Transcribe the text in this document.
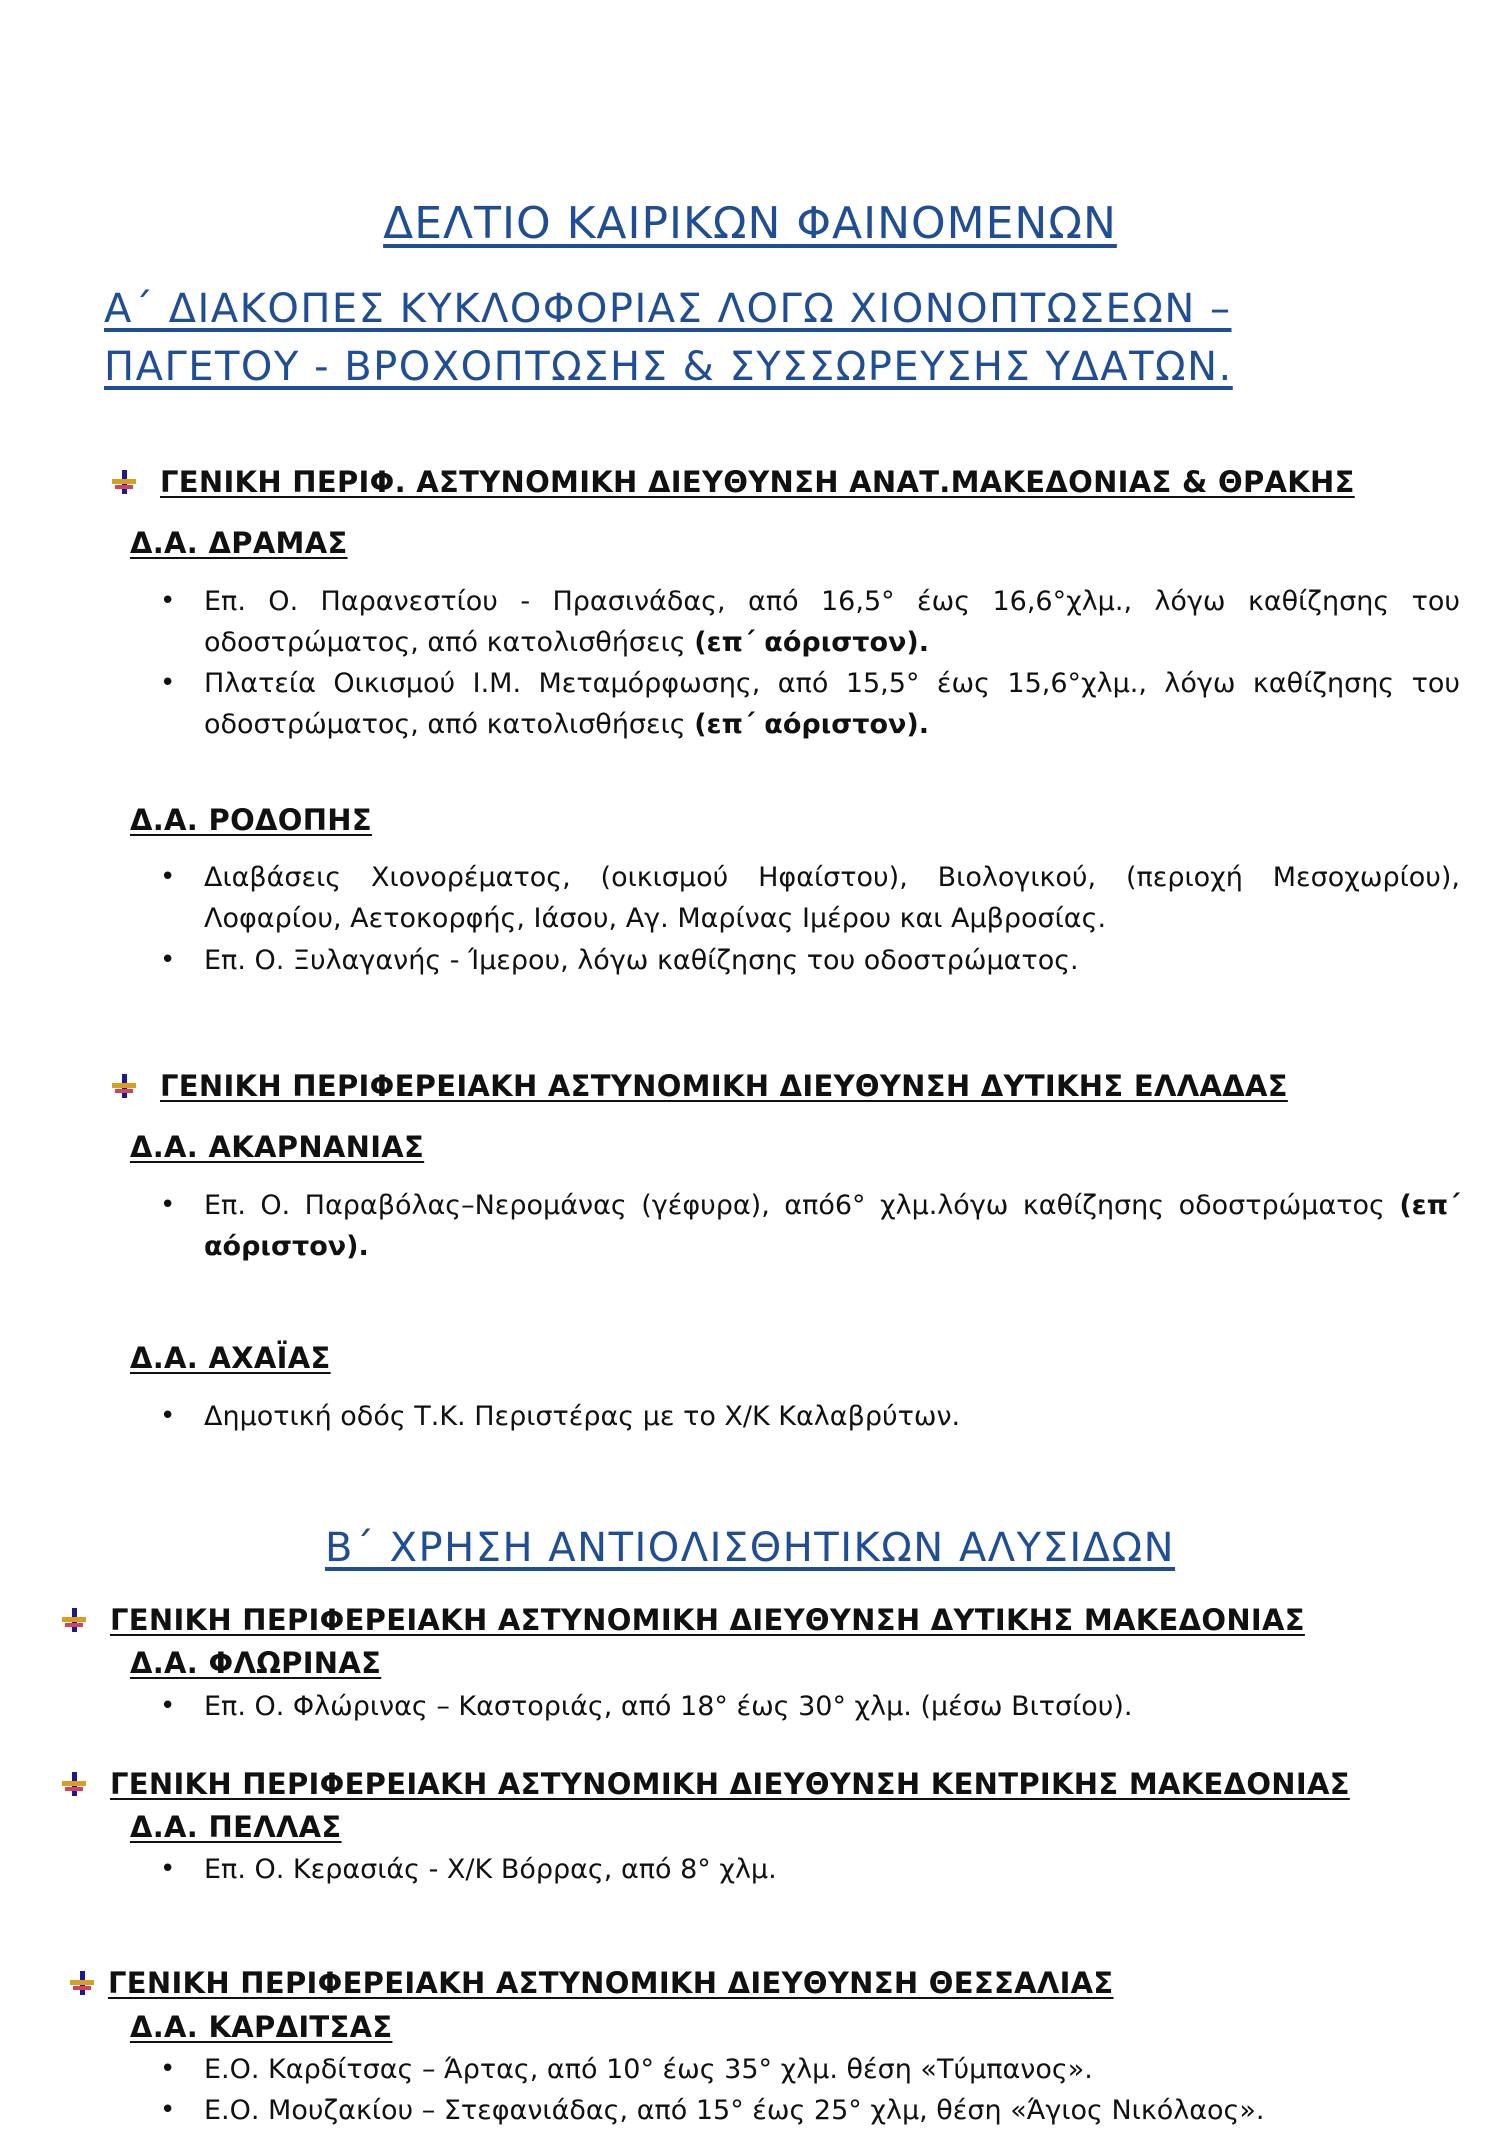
ΔΕΛΤΙΟ ΚΑΙΡΙΚΩΝ ΦΑΙΝΟΜΕΝΩΝ
Α΄ ΔΙΑΚΟΠΕΣ ΚΥΚΛΟΦΟΡΙΑΣ ΛΟΓΩ ΧΙΟΝΟΠΤΩΣΕΩΝ – ΠΑΓΕΤΟΥ - ΒΡΟΧΟΠΤΩΣΗΣ & ΣΥΣΣΩΡΕΥΣΗΣ ΥΔΑΤΩΝ.
ΓΕΝΙΚΗ ΠΕΡΙΦ. ΑΣΤΥΝΟΜΙΚΗ ΔΙΕΥΘΥΝΣΗ ΑΝΑΤ.ΜΑΚΕΔΟΝΙΑΣ & ΘΡΑΚΗΣ
Δ.Α. ΔΡΑΜΑΣ
• Επ. Ο. Παρανεστίου - Πρασινάδας, από 16,5° έως 16,6°χλμ., λόγω καθίζησης του οδοστρώματος, από κατολισθήσεις (επ΄ αόριστον).
• Πλατεία Οικισμού Ι.Μ. Μεταμόρφωσης, από 15,5° έως 15,6°χλμ., λόγω καθίζησης του οδοστρώματος, από κατολισθήσεις (επ΄ αόριστον).
Δ.Α. ΡΟΔΟΠΗΣ
• Διαβάσεις Χιονορέματος, (οικισμού Ηφαίστου), Βιολογικού, (περιοχή Μεσοχωρίου), Λοφαρίου, Αετοκορφής, Ιάσου, Αγ. Μαρίνας Ιμέρου και Αμβροσίας.
• Επ. Ο. Ξυλαγανής - Ίμερου, λόγω καθίζησης του οδοστρώματος.
ΓΕΝΙΚΗ ΠΕΡΙΦΕΡΕΙΑΚΗ ΑΣΤΥΝΟΜΙΚΗ ΔΙΕΥΘΥΝΣΗ ΔΥΤΙΚΗΣ ΕΛΛΑΔΑΣ
Δ.Α. ΑΚΑΡΝΑΝΙΑΣ
• Επ. Ο. Παραβόλας–Νερομάνας (γέφυρα), από6° χλμ.λόγω καθίζησης οδοστρώματος (επ΄ αόριστον).
Δ.Α. ΑΧΑΪΑΣ
• Δημοτική οδός Τ.Κ. Περιστέρας με το Χ/Κ Καλαβρύτων.
Β΄ ΧΡΗΣΗ ΑΝΤΙΟΛΙΣΘΗΤΙΚΩΝ ΑΛΥΣΙΔΩΝ
ΓΕΝΙΚΗ ΠΕΡΙΦΕΡΕΙΑΚΗ ΑΣΤΥΝΟΜΙΚΗ ΔΙΕΥΘΥΝΣΗ ΔΥΤΙΚΗΣ ΜΑΚΕΔΟΝΙΑΣ
Δ.Α. ΦΛΩΡΙΝΑΣ
• Επ. Ο. Φλώρινας – Καστοριάς, από 18° έως 30° χλμ. (μέσω Βιτσίου).
ΓΕΝΙΚΗ ΠΕΡΙΦΕΡΕΙΑΚΗ ΑΣΤΥΝΟΜΙΚΗ ΔΙΕΥΘΥΝΣΗ ΚΕΝΤΡΙΚΗΣ ΜΑΚΕΔΟΝΙΑΣ
Δ.Α. ΠΕΛΛΑΣ
• Επ. Ο. Κερασιάς - Χ/Κ Βόρρας, από 8° χλμ.
ΓΕΝΙΚΗ ΠΕΡΙΦΕΡΕΙΑΚΗ ΑΣΤΥΝΟΜΙΚΗ ΔΙΕΥΘΥΝΣΗ ΘΕΣΣΑΛΙΑΣ
Δ.Α. ΚΑΡΔΙΤΣΑΣ
• Ε.Ο. Καρδίτσας – Άρτας, από 10° έως 35° χλμ. θέση «Τύμπανος».
• Ε.Ο. Μουζακίου – Στεφανιάδας, από 15° έως 25° χλμ, θέση «Άγιος Νικόλαος».
